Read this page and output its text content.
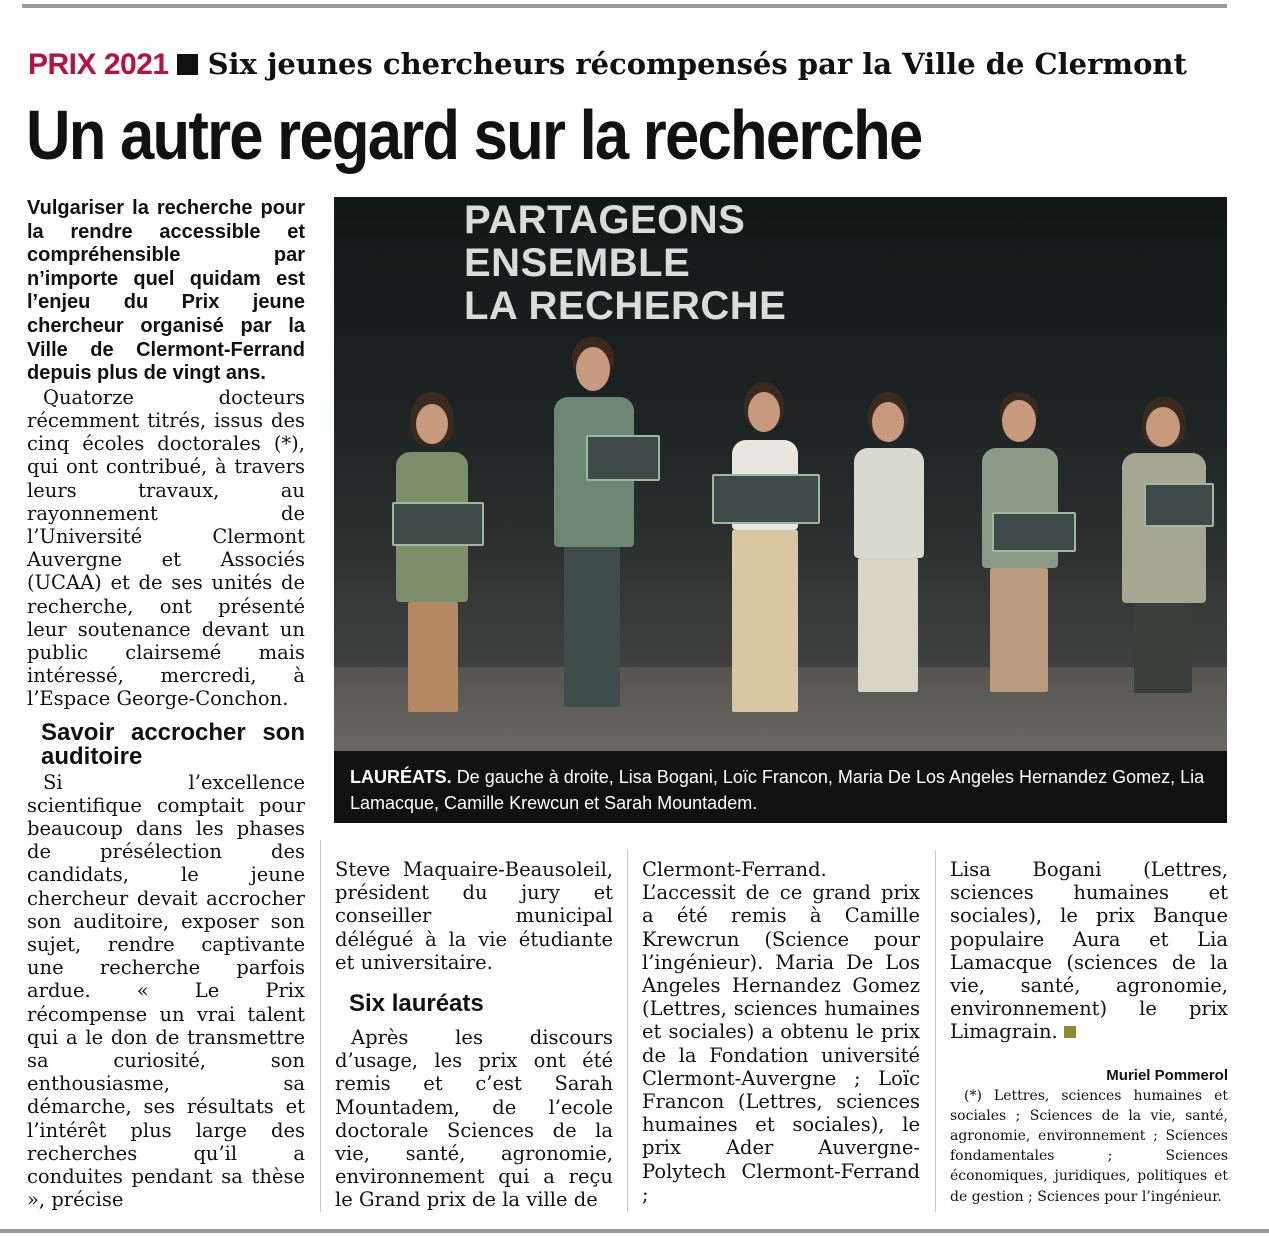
PRIX 2021 Six jeunes chercheurs récompensés par la Ville de Clermont
Un autre regard sur la recherche

Vulgariser la recherche pour la rendre accessible et compréhensible par n’importe quel quidam est l’enjeu du Prix jeune chercheur organisé par la Ville de Clermont-Ferrand depuis plus de vingt ans.

Quatorze docteurs récemment titrés, issus des cinq écoles doctorales (*), qui ont contribué, à travers leurs travaux, au rayonnement de l’Université Clermont Auvergne et Associés (UCAA) et de ses unités de recherche, ont présenté leur soutenance devant un public clairsemé mais intéressé, mercredi, à l’Espace George-Conchon.

Savoir accrocher son auditoire

Si l’excellence scientifique comptait pour beaucoup dans les phases de présélection des candidats, le jeune chercheur devait accrocher son auditoire, exposer son sujet, rendre captivante une recherche parfois ardue. « Le Prix récompense un vrai talent qui a le don de transmettre sa curiosité, son enthousiasme, sa démarche, ses résultats et l’intérêt plus large des recherches qu’il a conduites pendant sa thèse », précise

PARTAGEONS
ENSEMBLE
LA RECHERCHE
LAURÉATS. De gauche à droite, Lisa Bogani, Loïc Francon, Maria De Los Angeles Hernandez Gomez, Lia Lamacque, Camille Krewcun et Sarah Mountadem.

Steve Maquaire-Beausoleil, président du jury et conseiller municipal délégué à la vie étudiante et universitaire.

Six lauréats

Après les discours d’usage, les prix ont été remis et c’est Sarah Mountadem, de l’ecole doctorale Sciences de la vie, santé, agronomie, environnement qui a reçu le Grand prix de la ville de

Clermont-Ferrand. L’accessit de ce grand prix a été remis à Camille Krewcrun (Science pour l’ingénieur). Maria De Los Angeles Hernandez Gomez (Lettres, sciences humaines et sociales) a obtenu le prix de la Fondation université Clermont-Auvergne ; Loïc Francon (Lettres, sciences humaines et sociales), le prix Ader Auvergne-Polytech Clermont-Ferrand ;

Lisa Bogani (Lettres, sciences humaines et sociales), le prix Banque populaire Aura et Lia Lamacque (sciences de la vie, santé, agronomie, environnement) le prix Limagrain.

Muriel Pommerol

(*) Lettres, sciences humaines et sociales ; Sciences de la vie, santé, agronomie, environnement ; Sciences fondamentales ; Sciences économiques, juridiques, politiques et de gestion ; Sciences pour l’ingénieur.
